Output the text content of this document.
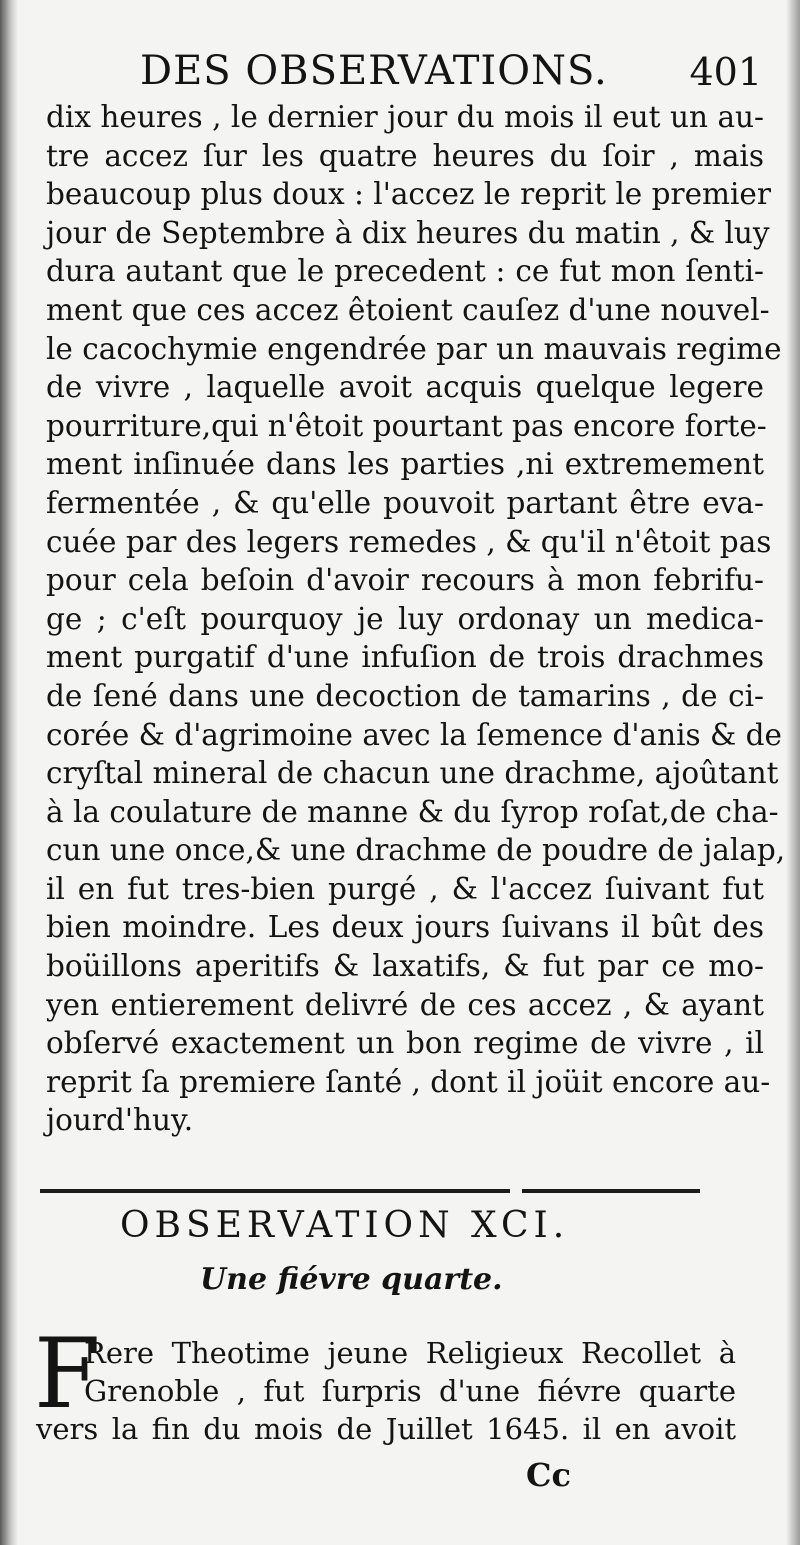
DES OBSERVATIONS. 401
dix heures , le dernier jour du mois il eut un au-
tre accez ſur les quatre heures du ſoir , mais
beaucoup plus doux : l'accez le reprit le premier
jour de Septembre à dix heures du matin , & luy
dura autant que le precedent : ce fut mon ſenti-
ment que ces accez êtoient cauſez d'une nouvel-
le cacochymie engendrée par un mauvais regime
de vivre , laquelle avoit acquis quelque legere
pourriture,qui n'êtoit pourtant pas encore forte-
ment inſinuée dans les parties ,ni extremement
fermentée , & qu'elle pouvoit partant être eva-
cuée par des legers remedes , & qu'il n'êtoit pas
pour cela beſoin d'avoir recours à mon febrifu-
ge ; c'eſt pourquoy je luy ordonay un medica-
ment purgatif d'une infuſion de trois drachmes
de ſené dans une decoction de tamarins , de ci-
corée & d'agrimoine avec la ſemence d'anis & de
cryſtal mineral de chacun une drachme, ajoûtant
à la coulature de manne & du ſyrop roſat,de cha-
cun une once,& une drachme de poudre de jalap,
il en fut tres-bien purgé , & l'accez ſuivant fut
bien moindre. Les deux jours ſuivans il bût des
boüillons aperitifs & laxatifs, & fut par ce mo-
yen entierement delivré de ces accez , & ayant
obſervé exactement un bon regime de vivre , il
reprit ſa premiere ſanté , dont il joüit encore au-
jourd'huy.
OBSERVATION XCI.
Une fiévre quarte.
F
Rere Theotime jeune Religieux Recollet à
Grenoble , fut ſurpris d'une fiévre quarte
vers la fin du mois de Juillet 1645. il en avoit
Cc
